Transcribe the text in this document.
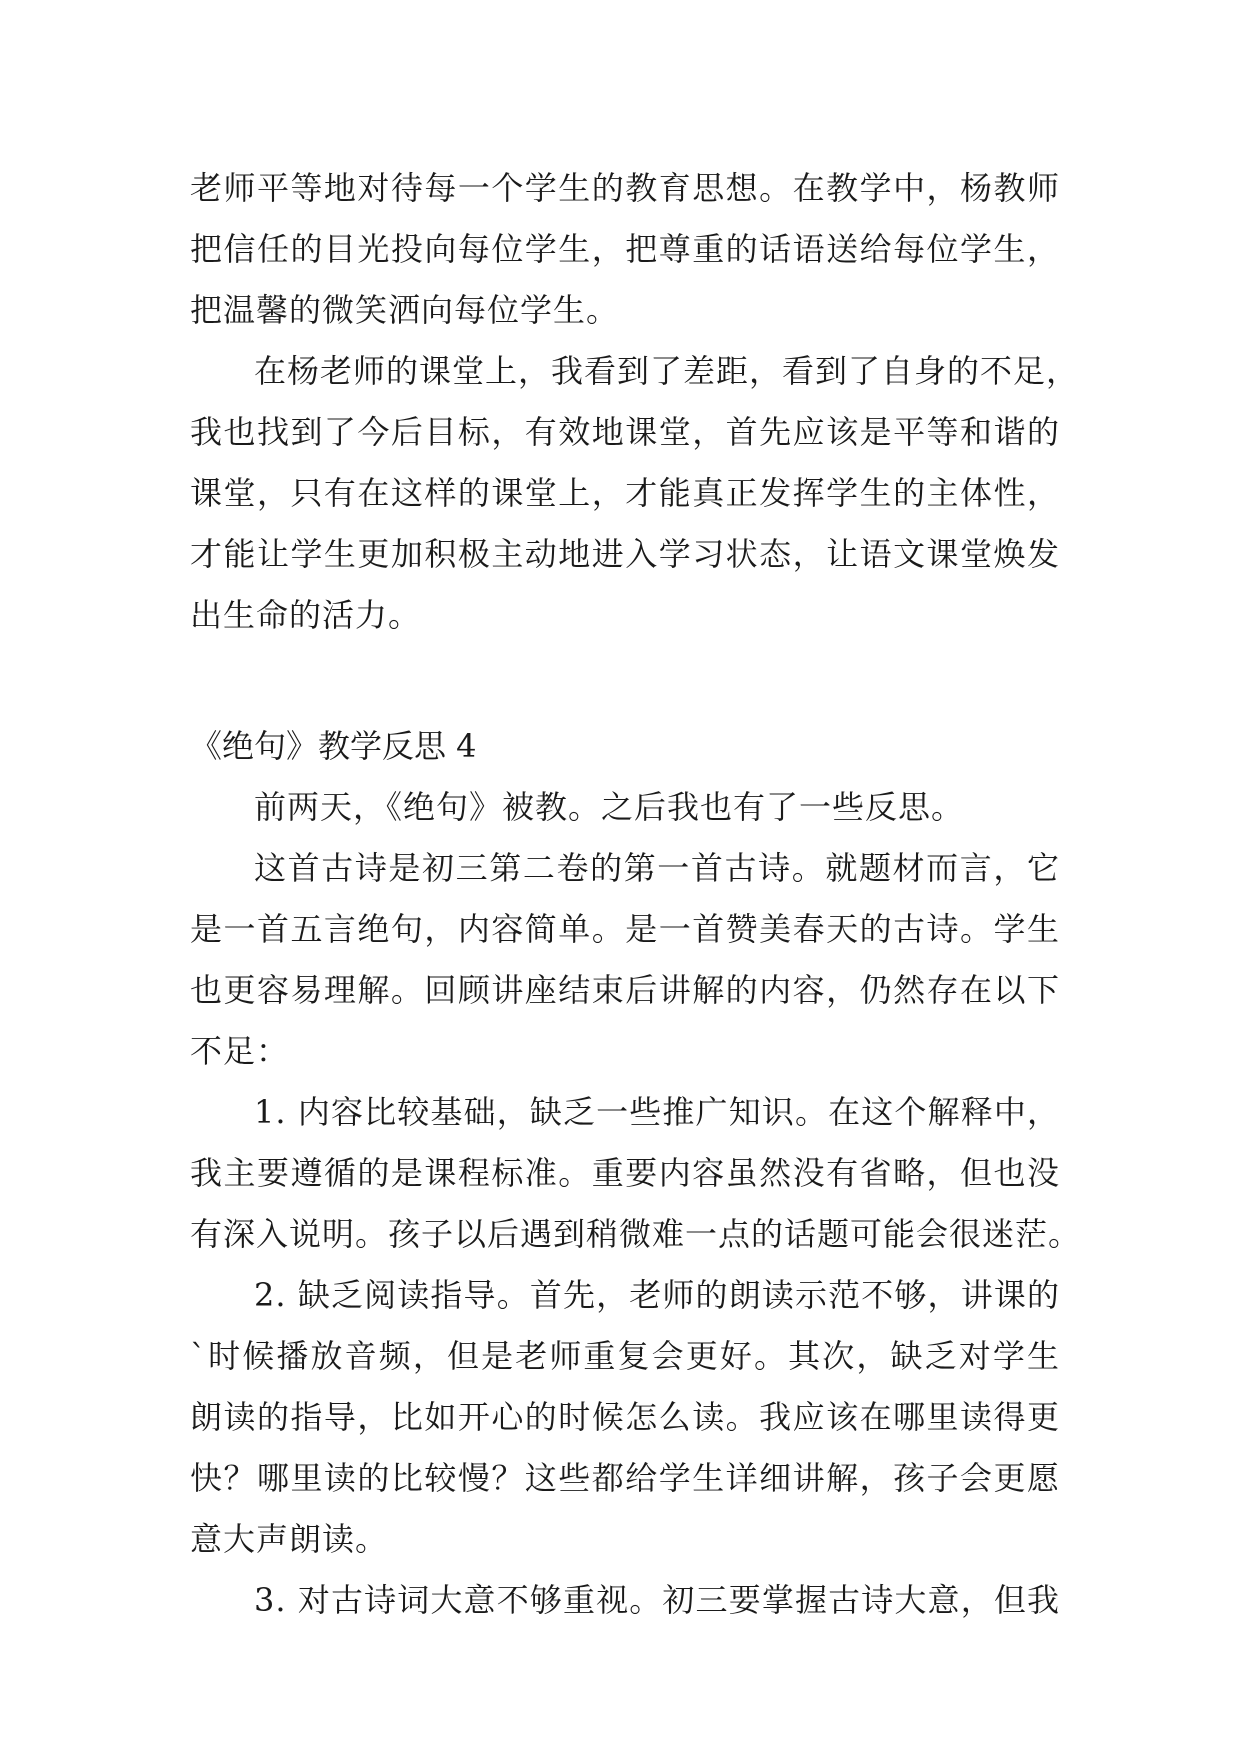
老师平等地对待每一个学生的教育思想。在教学中，杨教师
把信任的目光投向每位学生，把尊重的话语送给每位学生，
把温馨的微笑洒向每位学生。
在杨老师的课堂上，我看到了差距，看到了自身的不足，
我也找到了今后目标，有效地课堂，首先应该是平等和谐的
课堂，只有在这样的课堂上，才能真正发挥学生的主体性，
才能让学生更加积极主动地进入学习状态，让语文课堂焕发
出生命的活力。
《绝句》教学反思 4
前两天，《绝句》被教。之后我也有了一些反思。
这首古诗是初三第二卷的第一首古诗。就题材而言，它
是一首五言绝句，内容简单。是一首赞美春天的古诗。学生
也更容易理解。回顾讲座结束后讲解的内容，仍然存在以下
不足：
1. 内容比较基础，缺乏一些推广知识。在这个解释中，
我主要遵循的是课程标准。重要内容虽然没有省略，但也没
有深入说明。孩子以后遇到稍微难一点的话题可能会很迷茫。
2. 缺乏阅读指导。首先，老师的朗读示范不够，讲课的
`时候播放音频，但是老师重复会更好。其次，缺乏对学生
朗读的指导，比如开心的时候怎么读。我应该在哪里读得更
快？哪里读的比较慢？这些都给学生详细讲解，孩子会更愿
意大声朗读。
3. 对古诗词大意不够重视。初三要掌握古诗大意，但我
